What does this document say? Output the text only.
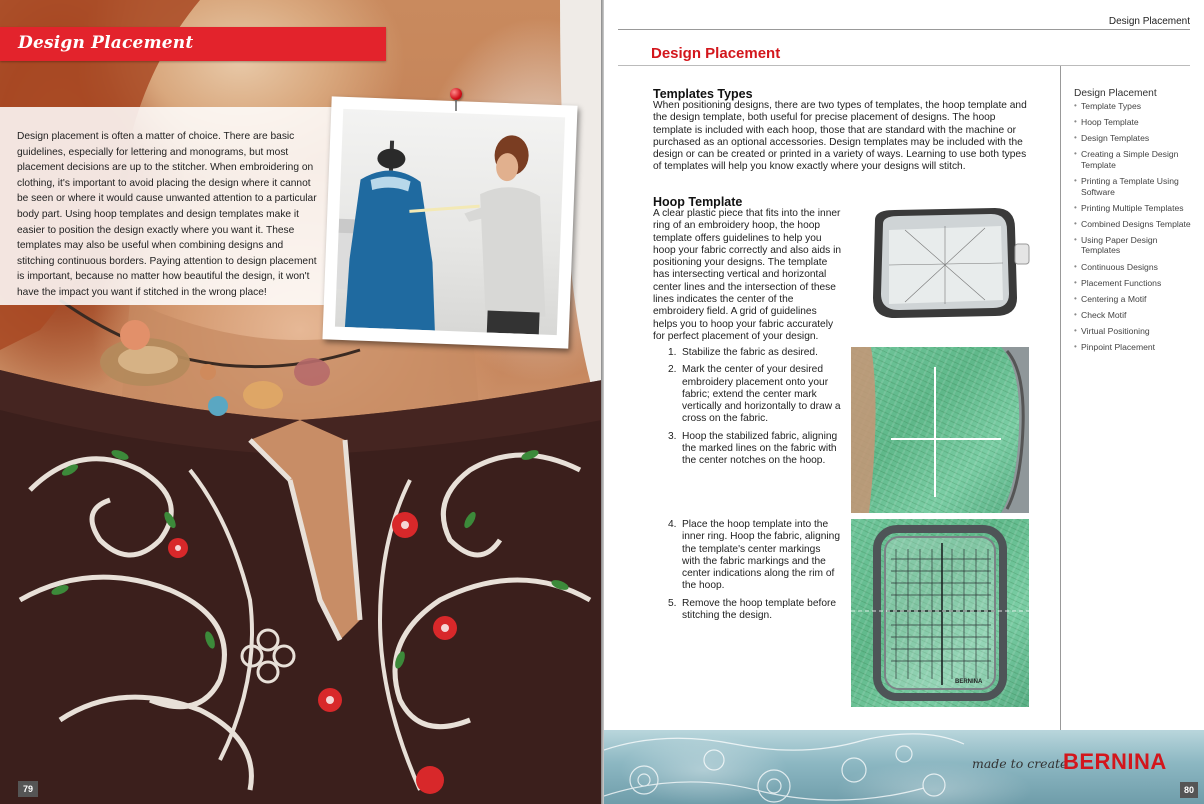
Design Placement

Design placement is often a matter of choice. There are basic guidelines, especially for lettering and monograms, but most placement decisions are up to the stitcher. When embroidering on clothing, it's important to avoid placing the design where it cannot be seen or where it would cause unwanted attention to a particular body part. Using hoop templates and design templates make it easier to position the design exactly where you want it. These templates may also be useful when combining designs and stitching continuous borders. Paying attention to design placement is important, because no matter how beautiful the design, it won't have the impact you want if stitched in the wrong place!

79
Design Placement
Design Placement
Templates Types

When positioning designs, there are two types of templates, the hoop template and the design template, both useful for precise placement of designs. The hoop template is included with each hoop, those that are standard with the machine or purchased as an optional accessories. Design templates may be included with the design or can be created or printed in a variety of ways. Learning to use both types of templates will help you know exactly where your designs will stitch.

Hoop Template

A clear plastic piece that fits into the inner ring of an embroidery hoop, the hoop template offers guidelines to help you hoop your fabric correctly and also aids in positioning your designs. The template has intersecting vertical and horizontal center lines and the intersection of these lines indicates the center of the embroidery field. A grid of guidelines helps you to hoop your fabric accurately for perfect placement of your design.

1. Stabilize the fabric as desired.
2. Mark the center of your desired embroidery placement onto your fabric; extend the center mark vertically and horizontally to draw a cross on the fabric.
3. Hoop the stabilized fabric, aligning the marked lines on the fabric with the center notches on the hoop.
4. Place the hoop template into the inner ring. Hoop the fabric, aligning the template's center markings with the fabric markings and the center indications along the rim of the hoop.
5. Remove the hoop template before stitching the design.
BERNINA
Design Placement
• Template Types
• Hoop Template
• Design Templates
• Creating a Simple Design Template
• Printing a Template Using Software
• Printing Multiple Templates
• Combined Designs Template
• Using Paper Design Templates
• Continuous Designs
• Placement Functions
• Centering a Motif
• Check Motif
• Virtual Positioning
• Pinpoint Placement
made to create
BERNINA
80
